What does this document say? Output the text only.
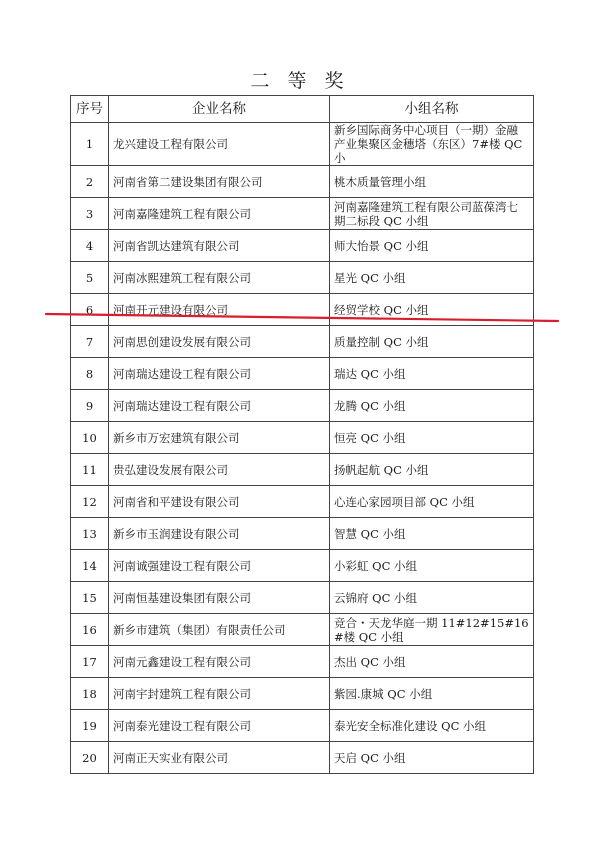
二 等 奖
序号	企业名称	小组名称
1	龙兴建设工程有限公司	新乡国际商务中心项目（一期）金融产业集聚区金穗塔（东区）7#楼 QC 小
2	河南省第二建设集团有限公司	桃木质量管理小组
3	河南嘉隆建筑工程有限公司	河南嘉隆建筑工程有限公司蓝葆湾七期二标段 QC 小组
4	河南省凯达建筑有限公司	师大怡景 QC 小组
5	河南冰熙建筑工程有限公司	星光 QC 小组
6	河南开元建设有限公司	经贸学校 QC 小组
7	河南思创建设发展有限公司	质量控制 QC 小组
8	河南瑞达建设工程有限公司	瑞达 QC 小组
9	河南瑞达建设工程有限公司	龙腾 QC 小组
10	新乡市万宏建筑有限公司	恒亮 QC 小组
11	贵弘建设发展有限公司	扬帆起航 QC 小组
12	河南省和平建设有限公司	心连心家园项目部 QC 小组
13	新乡市玉润建设有限公司	智慧 QC 小组
14	河南诚强建设工程有限公司	小彩虹 QC 小组
15	河南恒基建设集团有限公司	云锦府 QC 小组
16	新乡市建筑（集团）有限责任公司	竞合・天龙华庭一期 11#12#15#16#楼 QC 小组
17	河南元鑫建设工程有限公司	杰出 QC 小组
18	河南宇封建筑工程有限公司	紫园.康城 QC 小组
19	河南泰光建设工程有限公司	泰光安全标准化建设 QC 小组
20	河南正天实业有限公司	天启 QC 小组
